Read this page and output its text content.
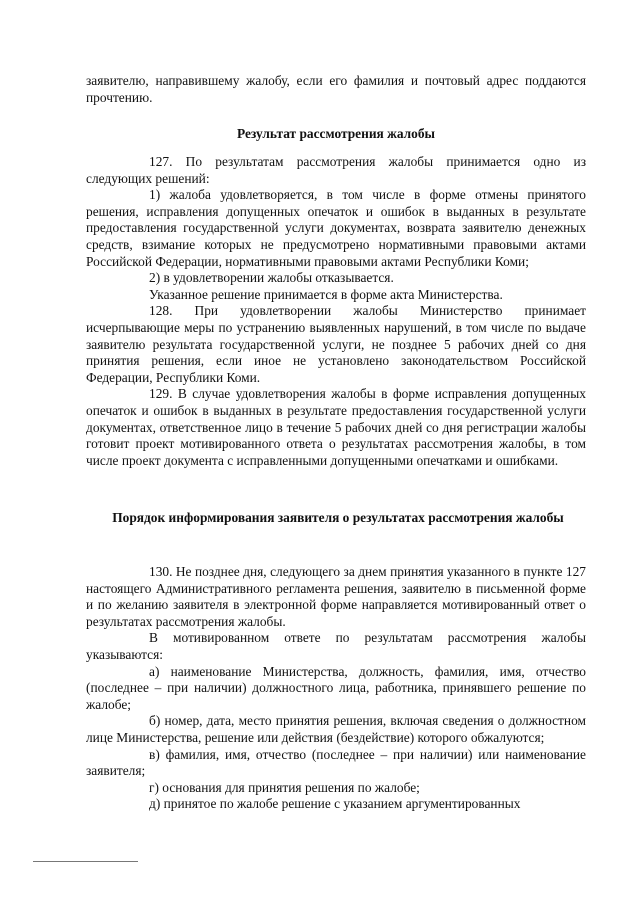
заявителю, направившему жалобу, если его фамилия и почтовый адрес поддаются прочтению.

Результат рассмотрения жалобы

127. По результатам рассмотрения жалобы принимается одно из следующих решений:

1) жалоба удовлетворяется, в том числе в форме отмены принятого решения, исправления допущенных опечаток и ошибок в выданных в результате предоставления государственной услуги документах, возврата заявителю денежных средств, взимание которых не предусмотрено нормативными правовыми актами Российской Федерации, нормативными правовыми актами Республики Коми;

2) в удовлетворении жалобы отказывается.

Указанное решение принимается в форме акта Министерства.

128. При удовлетворении жалобы Министерство принимает исчерпывающие меры по устранению выявленных нарушений, в том числе по выдаче заявителю результата государственной услуги, не позднее 5 рабочих дней со дня принятия решения, если иное не установлено законодательством Российской Федерации, Республики Коми.

129. В случае удовлетворения жалобы в форме исправления допущенных опечаток и ошибок в выданных в результате предоставления государственной услуги документах, ответственное лицо в течение 5 рабочих дней со дня регистрации жалобы готовит проект мотивированного ответа о результатах рассмотрения жалобы, в том числе проект документа с исправленными допущенными опечатками и ошибками.

Порядок информирования заявителя о результатах рассмотрения жалобы

130. Не позднее дня, следующего за днем принятия указанного в пункте 127 настоящего Административного регламента решения, заявителю в письменной форме и по желанию заявителя в электронной форме направляется мотивированный ответ о результатах рассмотрения жалобы.

В мотивированном ответе по результатам рассмотрения жалобы указываются:

а) наименование Министерства, должность, фамилия, имя, отчество (последнее – при наличии) должностного лица, работника, принявшего решение по жалобе;

б) номер, дата, место принятия решения, включая сведения о должностном лице Министерства, решение или действия (бездействие) которого обжалуются;

в) фамилия, имя, отчество (последнее – при наличии) или наименование заявителя;

г) основания для принятия решения по жалобе;

д) принятое по жалобе решение с указанием аргументированных
